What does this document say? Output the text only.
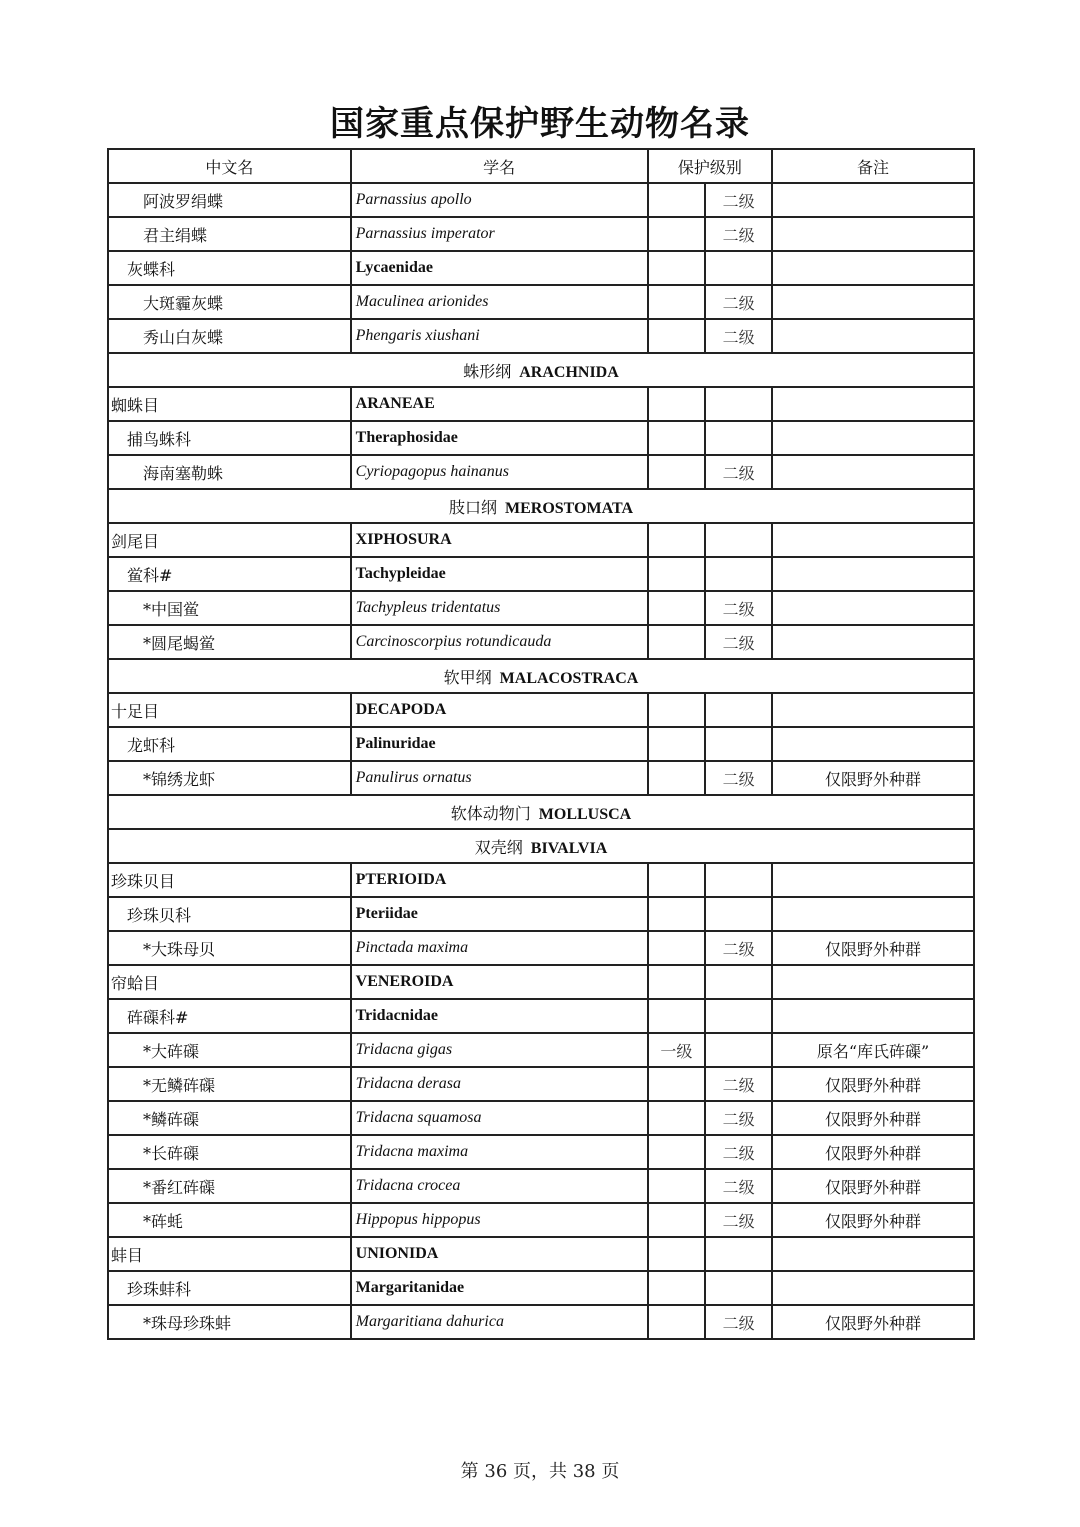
国家重点保护野生动物名录
中文名	学名	保护级别		备注
阿波罗绢蝶	Parnassius apollo		二级	
君主绢蝶	Parnassius imperator		二级	
灰蝶科	Lycaenidae			
大斑霾灰蝶	Maculinea arionides		二级	
秀山白灰蝶	Phengaris xiushani		二级	
蛛形纲 ARACHNIDA				
蜘蛛目	ARANEAE			
捕鸟蛛科	Theraphosidae			
海南塞勒蛛	Cyriopagopus hainanus		二级	
肢口纲 MEROSTOMATA				
剑尾目	XIPHOSURA			
鲎科#	Tachypleidae			
*中国鲎	Tachypleus tridentatus		二级	
*圆尾蝎鲎	Carcinoscorpius rotundicauda		二级	
软甲纲 MALACOSTRACA				
十足目	DECAPODA			
龙虾科	Palinuridae			
*锦绣龙虾	Panulirus ornatus		二级	仅限野外种群
软体动物门 MOLLUSCA				
双壳纲 BIVALVIA				
珍珠贝目	PTERIOIDA			
珍珠贝科	Pteriidae			
*大珠母贝	Pinctada maxima		二级	仅限野外种群
帘蛤目	VENEROIDA			
砗磲科#	Tridacnidae			
*大砗磲	Tridacna gigas	一级		原名“库氏砗磲”
*无鳞砗磲	Tridacna derasa		二级	仅限野外种群
*鳞砗磲	Tridacna squamosa		二级	仅限野外种群
*长砗磲	Tridacna maxima		二级	仅限野外种群
*番红砗磲	Tridacna crocea		二级	仅限野外种群
*砗蚝	Hippopus hippopus		二级	仅限野外种群
蚌目	UNIONIDA			
珍珠蚌科	Margaritanidae			
*珠母珍珠蚌	Margaritiana dahurica		二级	仅限野外种群
第 36 页，共 38 页
